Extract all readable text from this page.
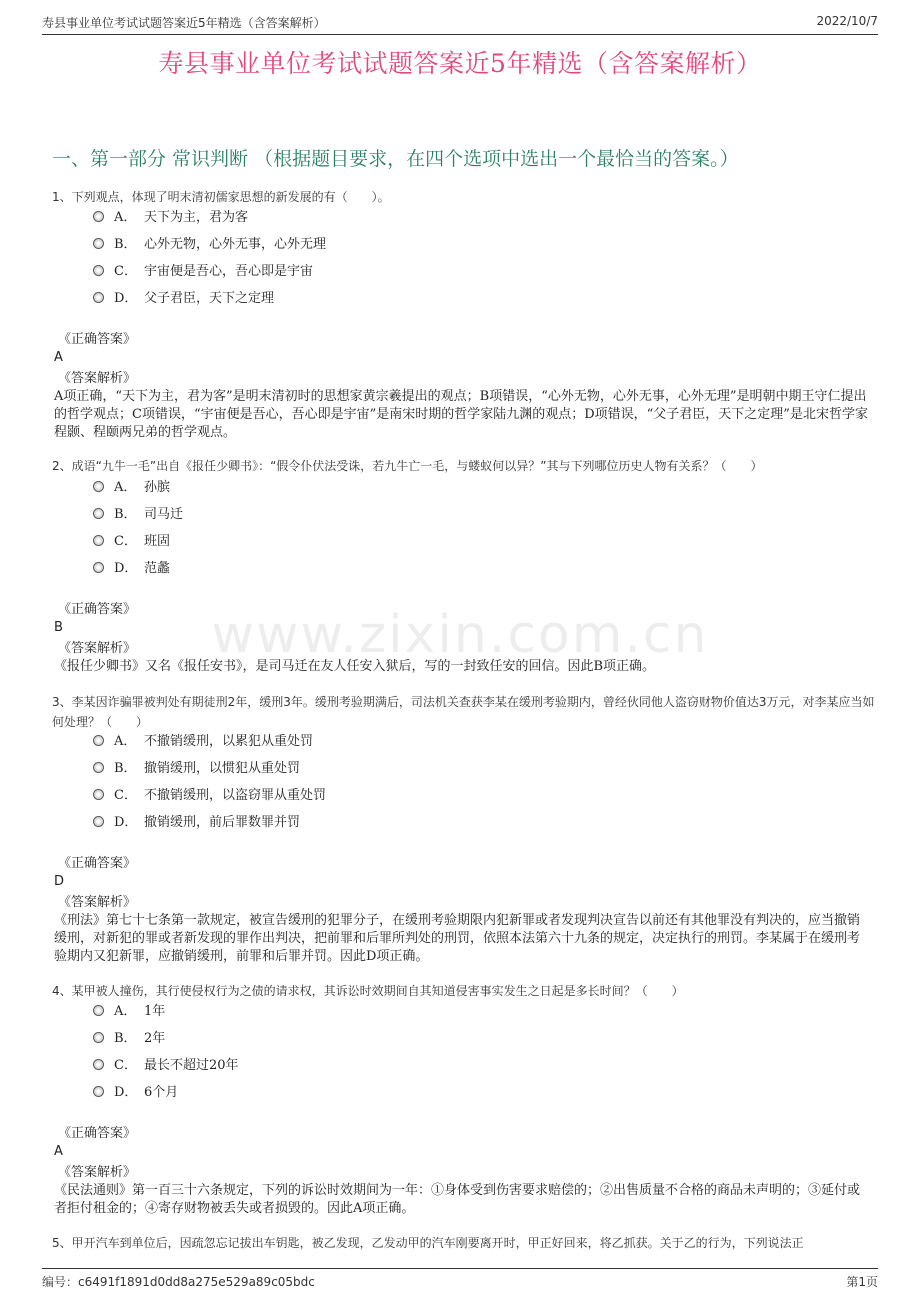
寿县事业单位考试试题答案近5年精选（含答案解析）	2022/10/7
寿县事业单位考试试题答案近5年精选（含答案解析）
一、第一部分 常识判断 （根据题目要求，在四个选项中选出一个最恰当的答案。）
www.zixin.com.cn
1、下列观点，体现了明末清初儒家思想的新发展的有（　　）。
A． 天下为主，君为客
B． 心外无物，心外无事，心外无理
C． 宇宙便是吾心，吾心即是宇宙
D． 父子君臣，天下之定理
《正确答案》
A
《答案解析》
A项正确，“天下为主，君为客”是明末清初时的思想家黄宗羲提出的观点；B项错误，“心外无物，心外无事，心外无理”是明朝中期王守仁提出的哲学观点；C项错误，“宇宙便是吾心，吾心即是宇宙”是南宋时期的哲学家陆九渊的观点；D项错误，“父子君臣，天下之定理”是北宋哲学家程颢、程颐两兄弟的哲学观点。
2、成语“九牛一毛”出自《报任少卿书》：“假令仆伏法受诛，若九牛亡一毛，与蝼蚁何以异？”其与下列哪位历史人物有关系？（　　）
A． 孙膑
B． 司马迁
C． 班固
D． 范蠡
《正确答案》
B
《答案解析》
《报任少卿书》又名《报任安书》，是司马迁在友人任安入狱后，写的一封致任安的回信。因此B项正确。
3、李某因诈骗罪被判处有期徒刑2年，缓刑3年。缓刑考验期满后，司法机关查获李某在缓刑考验期内，曾经伙同他人盗窃财物价值达3万元，对李某应当如何处理？（　　）
A． 不撤销缓刑，以累犯从重处罚
B． 撤销缓刑，以惯犯从重处罚
C． 不撤销缓刑，以盗窃罪从重处罚
D． 撤销缓刑，前后罪数罪并罚
《正确答案》
D
《答案解析》
《刑法》第七十七条第一款规定，被宣告缓刑的犯罪分子，在缓刑考验期限内犯新罪或者发现判决宣告以前还有其他罪没有判决的，应当撤销缓刑，对新犯的罪或者新发现的罪作出判决，把前罪和后罪所判处的刑罚，依照本法第六十九条的规定，决定执行的刑罚。李某属于在缓刑考验期内又犯新罪，应撤销缓刑，前罪和后罪并罚。因此D项正确。
4、某甲被人撞伤，其行使侵权行为之债的请求权，其诉讼时效期间自其知道侵害事实发生之日起是多长时间？（　　）
A． 1年
B． 2年
C． 最长不超过20年
D． 6个月
《正确答案》
A
《答案解析》
《民法通则》第一百三十六条规定，下列的诉讼时效期间为一年：①身体受到伤害要求赔偿的；②出售质量不合格的商品未声明的；③延付或者拒付租金的；④寄存财物被丢失或者损毁的。因此A项正确。
5、甲开汽车到单位后，因疏忽忘记拔出车钥匙，被乙发现，乙发动甲的汽车刚要离开时，甲正好回来，将乙抓获。关于乙的行为，下列说法正
编号：c6491f1891d0dd8a275e529a89c05bdc	第1页
